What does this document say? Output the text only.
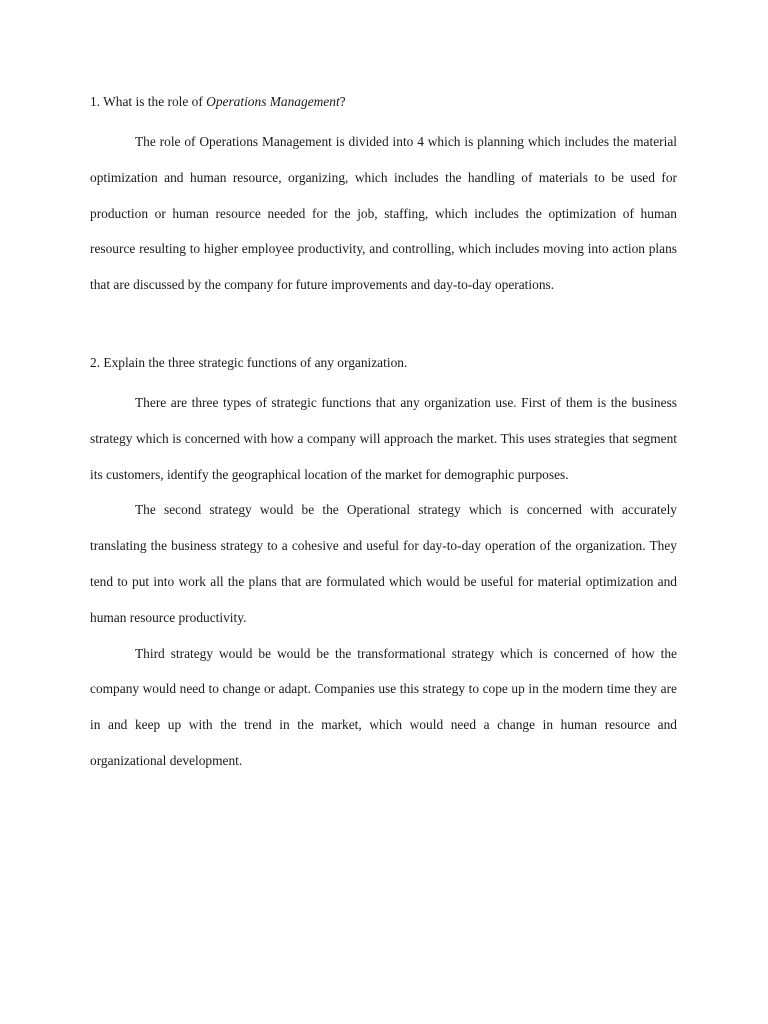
1. What is the role of Operations Management?

The role of Operations Management is divided into 4 which is planning which includes the material optimization and human resource, organizing, which includes the handling of materials to be used for production or human resource needed for the job, staffing, which includes the optimization of human resource resulting to higher employee productivity, and controlling, which includes moving into action plans that are discussed by the company for future improvements and day-to-day operations.

2. Explain the three strategic functions of any organization.

There are three types of strategic functions that any organization use. First of them is the business strategy which is concerned with how a company will approach the market. This uses strategies that segment its customers, identify the geographical location of the market for demographic purposes.

The second strategy would be the Operational strategy which is concerned with accurately translating the business strategy to a cohesive and useful for day-to-day operation of the organization. They tend to put into work all the plans that are formulated which would be useful for material optimization and human resource productivity.

Third strategy would be would be the transformational strategy which is concerned of how the company would need to change or adapt. Companies use this strategy to cope up in the modern time they are in and keep up with the trend in the market, which would need a change in human resource and organizational development.
